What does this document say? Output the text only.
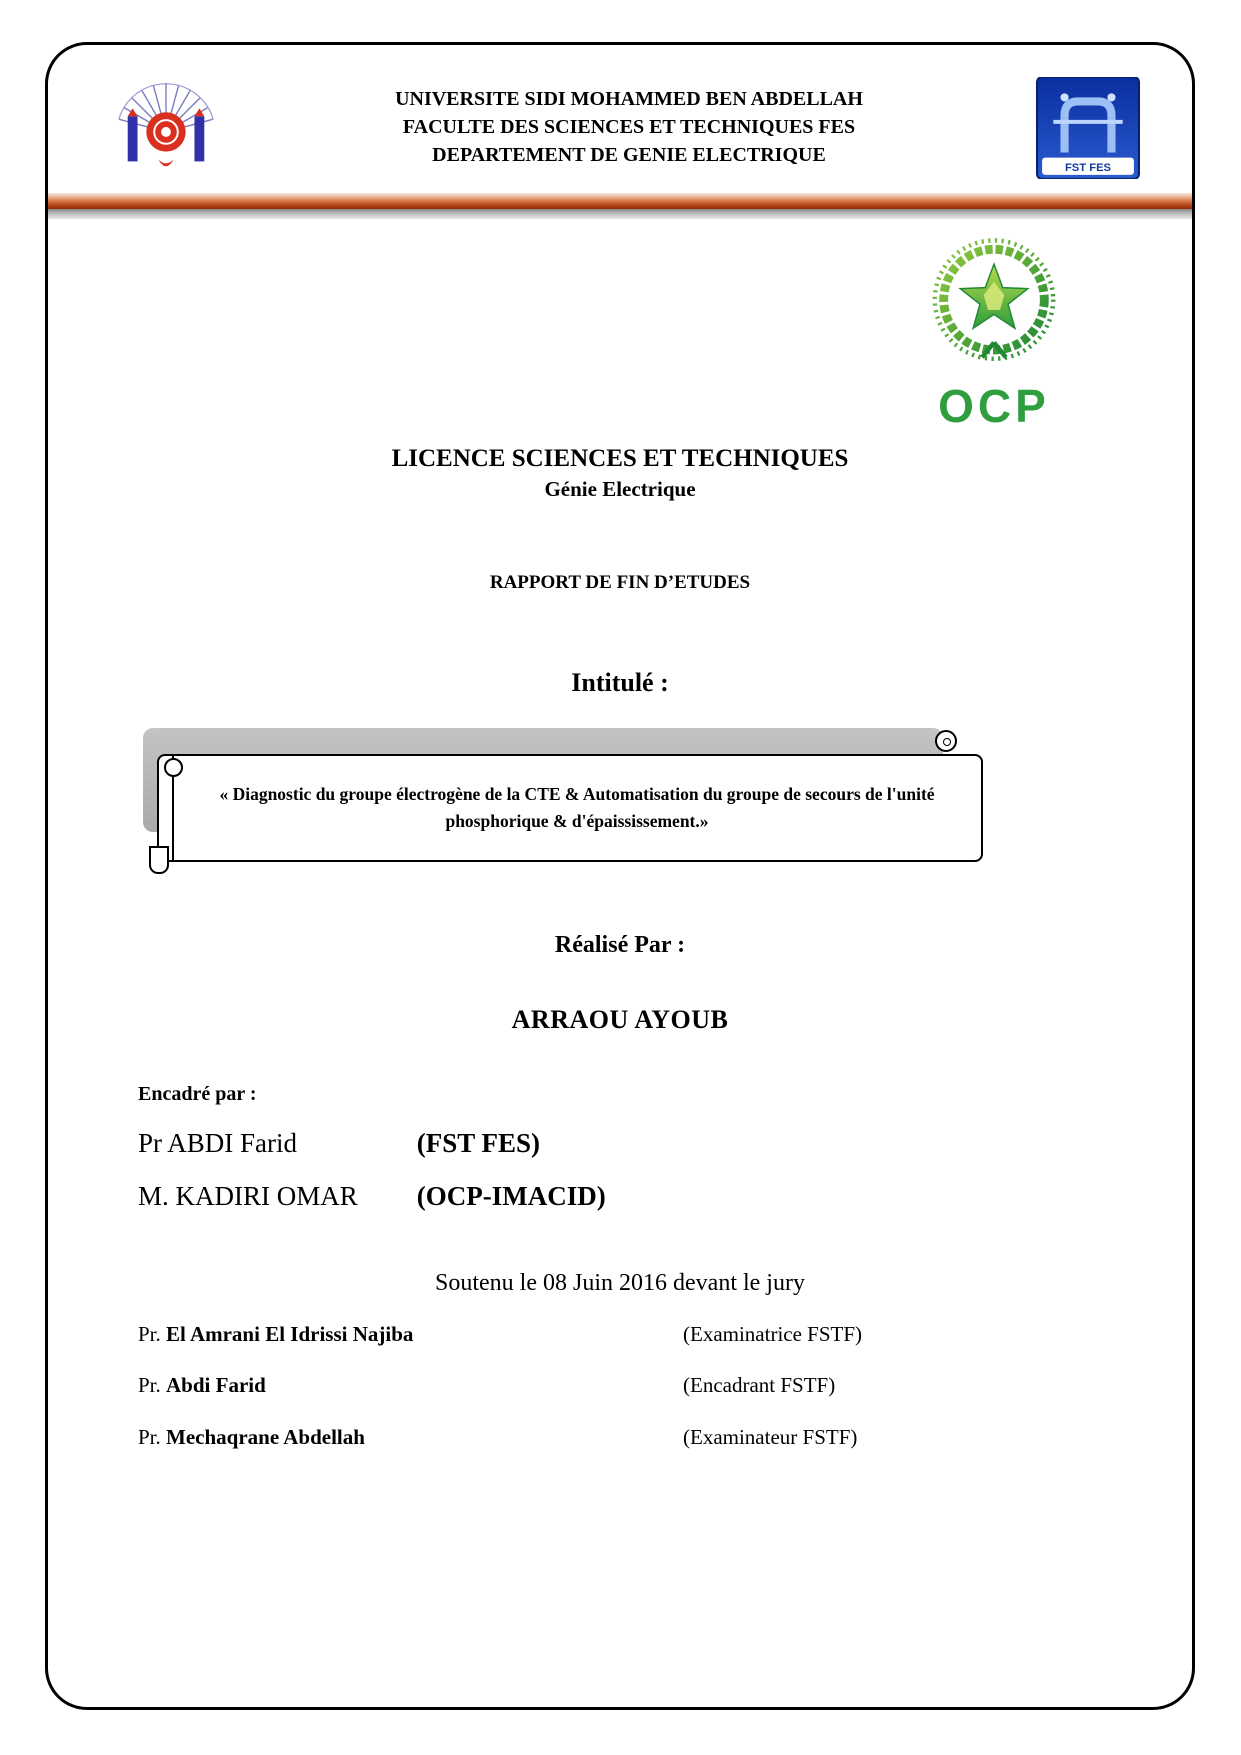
UNIVERSITE SIDI MOHAMMED BEN ABDELLAH
FACULTE DES SCIENCES ET TECHNIQUES FES
DEPARTEMENT DE GENIE ELECTRIQUE
FST FES
OCP
LICENCE SCIENCES ET TECHNIQUES
Génie Electrique
RAPPORT DE FIN D’ETUDES
Intitulé :
« Diagnostic du groupe électrogène de la CTE & Automatisation du groupe de secours de l'unité phosphorique & d'épaississement.»
Réalisé Par :
ARRAOU AYOUB
Encadré par :
Pr ABDI Farid	(FST FES)
M. KADIRI OMAR (OCP-IMACID)
Soutenu le 08 Juin 2016 devant le jury
Pr. El Amrani El Idrissi Najiba	(Examinatrice FSTF)
Pr. Abdi Farid	(Encadrant FSTF)
Pr. Mechaqrane Abdellah	(Examinateur FSTF)
